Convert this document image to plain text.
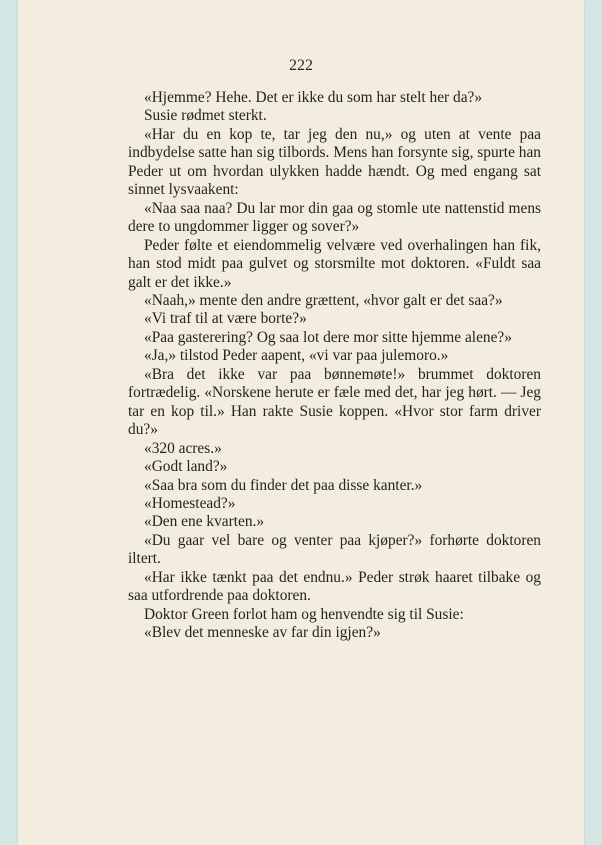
222

«Hjemme? Hehe. Det er ikke du som har stelt her da?»

Susie rødmet sterkt.

«Har du en kop te, tar jeg den nu,» og uten at vente paa indbydelse satte han sig tilbords. Mens han forsynte sig, spurte han Peder ut om hvordan ulykken hadde hændt. Og med engang sat sinnet lysvaakent:

«Naa saa naa? Du lar mor din gaa og stomle ute nattenstid mens dere to ungdommer ligger og sover?»

Peder følte et eiendommelig velvære ved overhalingen han fik, han stod midt paa gulvet og storsmilte mot doktoren. «Fuldt saa galt er det ikke.»

«Naah,» mente den andre grættent, «hvor galt er det saa?»

«Vi traf til at være borte?»

«Paa gasterering? Og saa lot dere mor sitte hjemme alene?»

«Ja,» tilstod Peder aapent, «vi var paa julemoro.»

«Bra det ikke var paa bønnemøte!» brummet doktoren fortrædelig. «Norskene herute er fæle med det, har jeg hørt. — Jeg tar en kop til.» Han rakte Susie koppen. «Hvor stor farm driver du?»

«320 acres.»

«Godt land?»

«Saa bra som du finder det paa disse kanter.»

«Homestead?»

«Den ene kvarten.»

«Du gaar vel bare og venter paa kjøper?» forhørte doktoren iltert.

«Har ikke tænkt paa det endnu.» Peder strøk haaret tilbake og saa utfordrende paa doktoren.

Doktor Green forlot ham og henvendte sig til Susie:

«Blev det menneske av far din igjen?»
